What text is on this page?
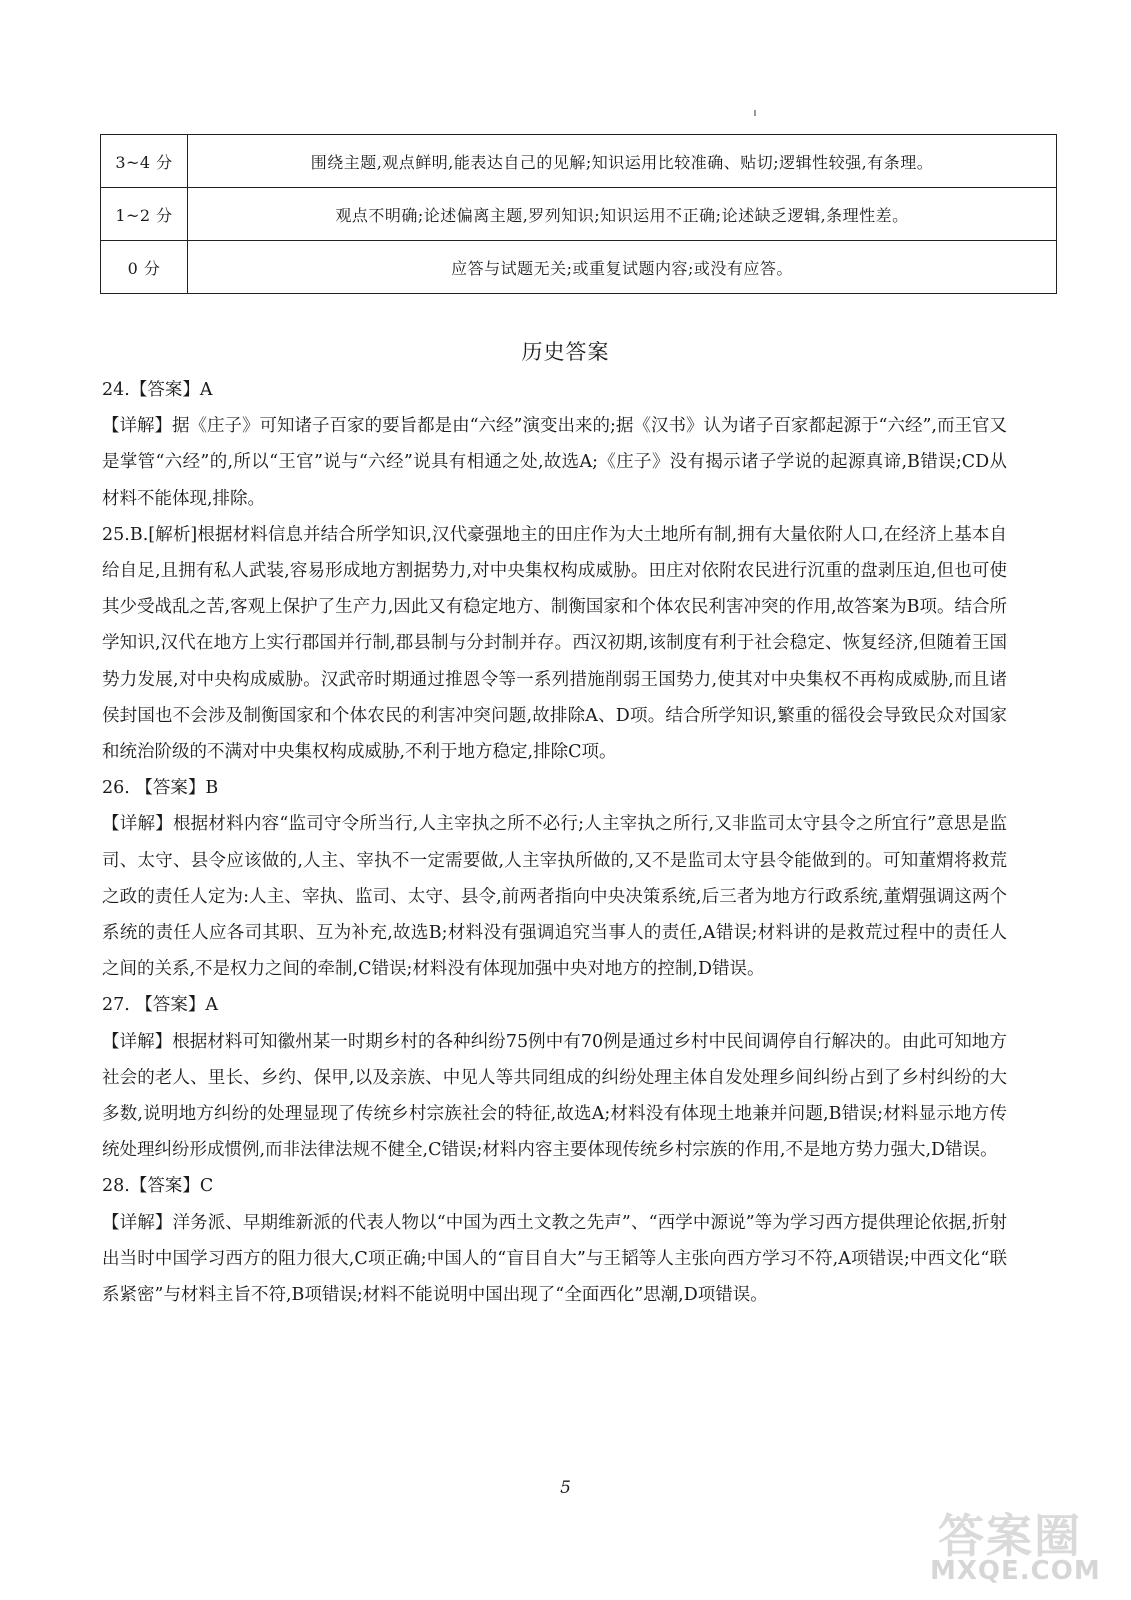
3~4 分	围绕主题,观点鲜明,能表达自己的见解;知识运用比较准确、贴切;逻辑性较强,有条理。
1~2 分	观点不明确;论述偏离主题,罗列知识;知识运用不正确;论述缺乏逻辑,条理性差。
0 分	应答与试题无关;或重复试题内容;或没有应答。
历史答案

24.【答案】A

【详解】据《庄子》可知诸子百家的要旨都是由“六经”演变出来的;据《汉书》认为诸子百家都起源于“六经”,而王官又是掌管“六经”的,所以“王官”说与“六经”说具有相通之处,故选A;《庄子》没有揭示诸子学说的起源真谛,B错误;CD从材料不能体现,排除。

25.B.[解析]根据材料信息并结合所学知识,汉代豪强地主的田庄作为大土地所有制,拥有大量依附人口,在经济上基本自给自足,且拥有私人武装,容易形成地方割据势力,对中央集权构成威胁。田庄对依附农民进行沉重的盘剥压迫,但也可使其少受战乱之苦,客观上保护了生产力,因此又有稳定地方、制衡国家和个体农民利害冲突的作用,故答案为B项。结合所学知识,汉代在地方上实行郡国并行制,郡县制与分封制并存。西汉初期,该制度有利于社会稳定、恢复经济,但随着王国势力发展,对中央构成威胁。汉武帝时期通过推恩令等一系列措施削弱王国势力,使其对中央集权不再构成威胁,而且诸侯封国也不会涉及制衡国家和个体农民的利害冲突问题,故排除A、D项。结合所学知识,繁重的徭役会导致民众对国家和统治阶级的不满对中央集权构成威胁,不利于地方稳定,排除C项。

26. 【答案】B

【详解】根据材料内容“监司守令所当行,人主宰执之所不必行;人主宰执之所行,又非监司太守县令之所宜行”意思是监司、太守、县令应该做的,人主、宰执不一定需要做,人主宰执所做的,又不是监司太守县令能做到的。可知董煟将救荒之政的责任人定为:人主、宰执、监司、太守、县令,前两者指向中央决策系统,后三者为地方行政系统,董煟强调这两个系统的责任人应各司其职、互为补充,故选B;材料没有强调追究当事人的责任,A错误;材料讲的是救荒过程中的责任人之间的关系,不是权力之间的牵制,C错误;材料没有体现加强中央对地方的控制,D错误。

27. 【答案】A

【详解】根据材料可知徽州某一时期乡村的各种纠纷75例中有70例是通过乡村中民间调停自行解决的。由此可知地方社会的老人、里长、乡约、保甲,以及亲族、中见人等共同组成的纠纷处理主体自发处理乡间纠纷占到了乡村纠纷的大多数,说明地方纠纷的处理显现了传统乡村宗族社会的特征,故选A;材料没有体现土地兼并问题,B错误;材料显示地方传统处理纠纷形成惯例,而非法律法规不健全,C错误;材料内容主要体现传统乡村宗族的作用,不是地方势力强大,D错误。

28.【答案】C

【详解】洋务派、早期维新派的代表人物以“中国为西土文教之先声”、“西学中源说”等为学习西方提供理论依据,折射出当时中国学习西方的阻力很大,C项正确;中国人的“盲目自大”与王韬等人主张向西方学习不符,A项错误;中西文化“联系紧密”与材料主旨不符,B项错误;材料不能说明中国出现了“全面西化”思潮,D项错误。

5
答案圈
MXQE.COM
